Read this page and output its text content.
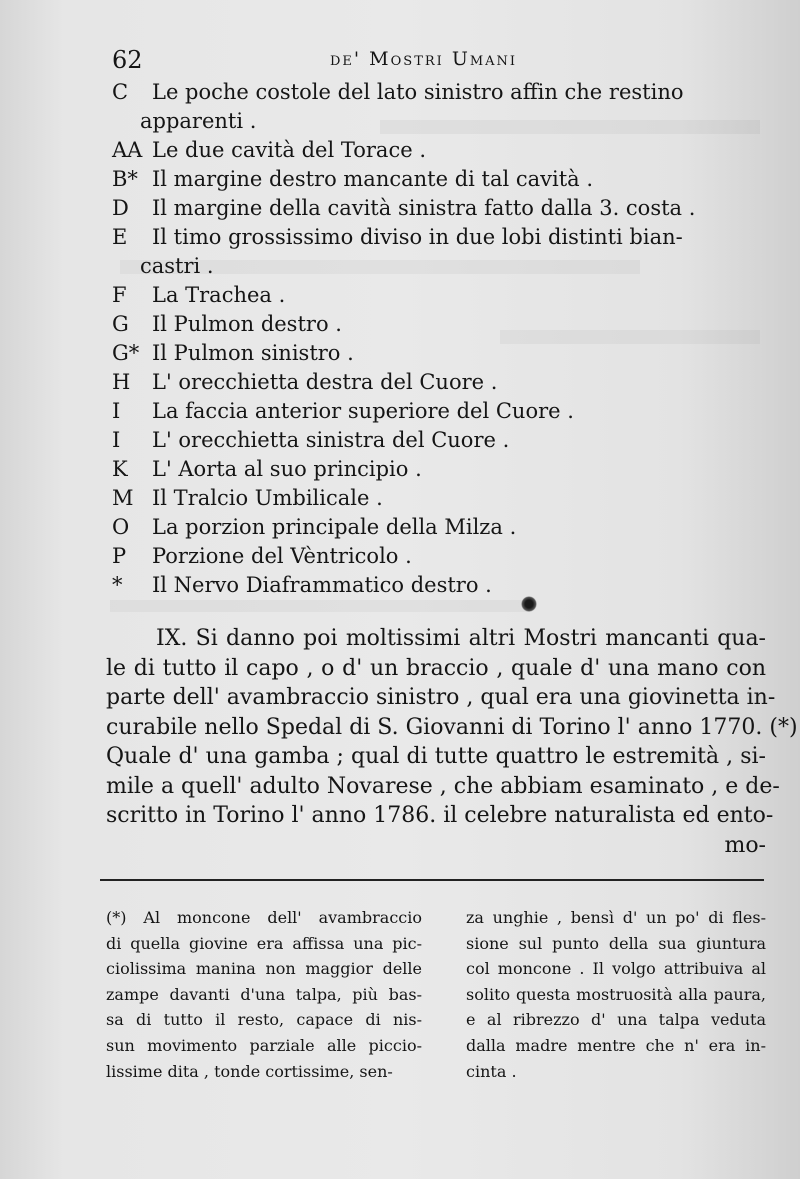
62	de' Mostri Umani
C	Le poche costole del lato sinistro affin che restino
apparenti .
AA Le due cavità del Torace .
B* Il margine destro mancante di tal cavità .
D	Il margine della cavità sinistra fatto dalla 3. costa .
E	Il timo grossissimo diviso in due lobi distinti bian-
castri .
F	La Trachea .
G	Il Pulmon destro .
G* Il Pulmon sinistro .
H	L' orecchietta destra del Cuore .
I	La faccia anterior superiore del Cuore .
I	L' orecchietta sinistra del Cuore .
K	L' Aorta al suo principio .
M Il Tralcio Umbilicale .
O	La porzion principale della Milza .
P	Porzione del Vèntricolo .
*	Il Nervo Diaframmatico destro .
IX. Si danno poi moltissimi altri Mostri mancanti qua-
le di tutto il capo , o d' un braccio , quale d' una mano con
parte dell' avambraccio sinistro , qual era una giovinetta in-
curabile nello Spedal di S. Giovanni di Torino l' anno 1770. (*)
Quale d' una gamba ; qual di tutte quattro le estremità , si-
mile a quell' adulto Novarese , che abbiam esaminato , e de-
scritto in Torino l' anno 1786. il celebre naturalista ed ento-
mo-
(*) Al moncone dell' avambraccio
di quella giovine era affissa una pic-
ciolissima manina non maggior delle
zampe davanti d'una talpa, più bas-
sa di tutto il resto, capace di nis-
sun movimento parziale alle piccio-
lissime dita , tonde cortissime, sen-
za unghie , bensì d' un po' di fles-
sione sul punto della sua giuntura
col moncone . Il volgo attribuiva al
solito questa mostruosità alla paura,
e al ribrezzo d' una talpa veduta
dalla madre mentre che n' era in-
cinta .
